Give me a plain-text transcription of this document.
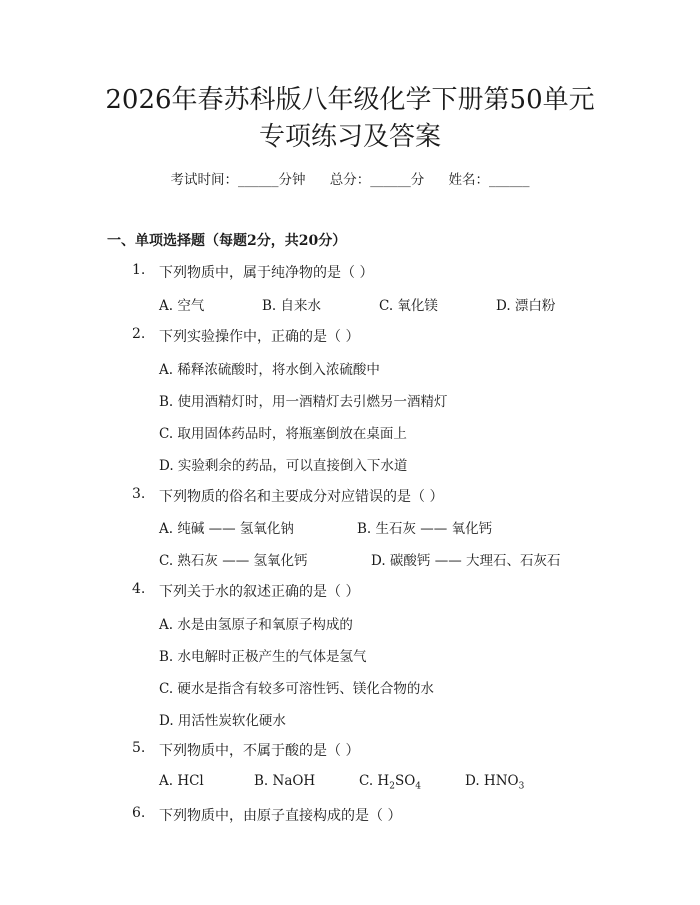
2026年春苏科版八年级化学下册第50单元
专项练习及答案
考试时间：______分钟 总分：______分 姓名：______
一、单项选择题（每题2分，共20分）
1. 下列物质中，属于纯净物的是（ ）
A. 空气	B. 自来水	C. 氧化镁	D. 漂白粉
2. 下列实验操作中，正确的是（ ）
A. 稀释浓硫酸时，将水倒入浓硫酸中
B. 使用酒精灯时，用一酒精灯去引燃另一酒精灯
C. 取用固体药品时，将瓶塞倒放在桌面上
D. 实验剩余的药品，可以直接倒入下水道
3. 下列物质的俗名和主要成分对应错误的是（ ）
A. 纯碱 —— 氢氧化钠	B. 生石灰 —— 氧化钙
C. 熟石灰 —— 氢氧化钙	D. 碳酸钙 —— 大理石、石灰石
4. 下列关于水的叙述正确的是（ ）
A. 水是由氢原子和氧原子构成的
B. 水电解时正极产生的气体是氢气
C. 硬水是指含有较多可溶性钙、镁化合物的水
D. 用活性炭软化硬水
5. 下列物质中，不属于酸的是（ ）
A. HCl	B. NaOH	C. $H_2SO_4$	D. $HNO_3$
6. 下列物质中，由原子直接构成的是（ ）
